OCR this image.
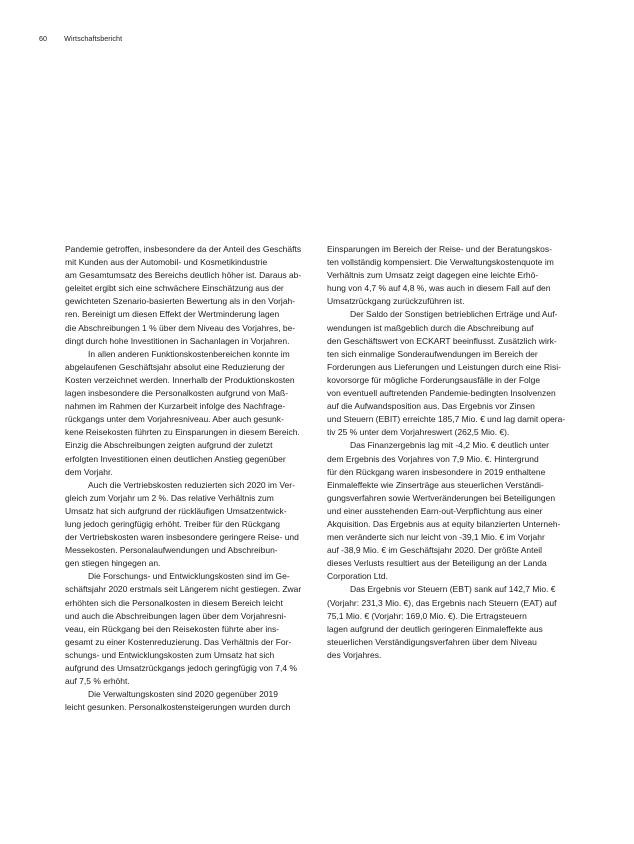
60 Wirtschaftsbericht

Pandemie getroffen, insbesondere da der Anteil des Geschäfts

mit Kunden aus der Automobil- und Kosmetikindustrie

am Gesamtumsatz des Bereichs deutlich höher ist. Daraus ab-

geleitet ergibt sich eine schwächere Einschätzung aus der

gewichteten Szenario-basierten Bewertung als in den Vorjah-

ren. Bereinigt um diesen Effekt der Wertminderung lagen

die Abschreibungen 1 % über dem Niveau des Vorjahres, be-

dingt durch hohe Investitionen in Sachanlagen in Vorjahren.

In allen anderen Funktionskostenbereichen konnte im

abgelaufenen Geschäftsjahr absolut eine Reduzierung der

Kosten verzeichnet werden. Innerhalb der Produktionskosten

lagen insbesondere die Personalkosten aufgrund von Maß-

nahmen im Rahmen der Kurzarbeit infolge des Nachfrage-

rückgangs unter dem Vorjahresniveau. Aber auch gesunk-

kene Reisekosten führten zu Einsparungen in diesem Bereich.

Einzig die Abschreibungen zeigten aufgrund der zuletzt

erfolgten Investitionen einen deutlichen Anstieg gegenüber

dem Vorjahr.

Auch die Vertriebskosten reduzierten sich 2020 im Ver-

gleich zum Vorjahr um 2 %. Das relative Verhältnis zum

Umsatz hat sich aufgrund der rückläufigen Umsatzentwick-

lung jedoch geringfügig erhöht. Treiber für den Rückgang

der Vertriebskosten waren insbesondere geringere Reise- und

Messekosten. Personalaufwendungen und Abschreibun-

gen stiegen hingegen an.

Die Forschungs- und Entwicklungskosten sind im Ge-

schäftsjahr 2020 erstmals seit Längerem nicht gestiegen. Zwar

erhöhten sich die Personalkosten in diesem Bereich leicht

und auch die Abschreibungen lagen über dem Vorjahresni-

veau, ein Rückgang bei den Reisekosten führte aber ins-

gesamt zu einer Kostenreduzierung. Das Verhältnis der For-

schungs- und Entwicklungskosten zum Umsatz hat sich

aufgrund des Umsatzrückgangs jedoch geringfügig von 7,4 %

auf 7,5 % erhöht.

Die Verwaltungskosten sind 2020 gegenüber 2019

leicht gesunken. Personalkostensteigerungen wurden durch

Einsparungen im Bereich der Reise- und der Beratungskos-

ten vollständig kompensiert. Die Verwaltungskostenquote im

Verhältnis zum Umsatz zeigt dagegen eine leichte Erhö-

hung von 4,7 % auf 4,8 %, was auch in diesem Fall auf den

Umsatzrückgang zurückzuführen ist.

Der Saldo der Sonstigen betrieblichen Erträge und Auf-

wendungen ist maßgeblich durch die Abschreibung auf

den Geschäftswert von ECKART beeinflusst. Zusätzlich wirk-

ten sich einmalige Sonderaufwendungen im Bereich der

Forderungen aus Lieferungen und Leistungen durch eine Risi-

kovorsorge für mögliche Forderungsausfälle in der Folge

von eventuell auftretenden Pandemie-bedingten Insolvenzen

auf die Aufwandsposition aus. Das Ergebnis vor Zinsen

und Steuern (EBIT) erreichte 185,7 Mio. € und lag damit opera-

tiv 25 % unter dem Vorjahreswert (262,5 Mio. €).

Das Finanzergebnis lag mit -4,2 Mio. € deutlich unter

dem Ergebnis des Vorjahres von 7,9 Mio. €. Hintergrund

für den Rückgang waren insbesondere in 2019 enthaltene

Einmaleffekte wie Zinserträge aus steuerlichen Verständi-

gungsverfahren sowie Wertveränderungen bei Beteiligungen

und einer ausstehenden Earn-out-Verpflichtung aus einer

Akquisition. Das Ergebnis aus at equity bilanzierten Unterneh-

men veränderte sich nur leicht von -39,1 Mio. € im Vorjahr

auf -38,9 Mio. € im Geschäftsjahr 2020. Der größte Anteil

dieses Verlusts resultiert aus der Beteiligung an der Landa

Corporation Ltd.

Das Ergebnis vor Steuern (EBT) sank auf 142,7 Mio. €

(Vorjahr: 231,3 Mio. €), das Ergebnis nach Steuern (EAT) auf

75,1 Mio. € (Vorjahr: 169,0 Mio. €). Die Ertragsteuern

lagen aufgrund der deutlich geringeren Einmaleffekte aus

steuerlichen Verständigungsverfahren über dem Niveau

des Vorjahres.
